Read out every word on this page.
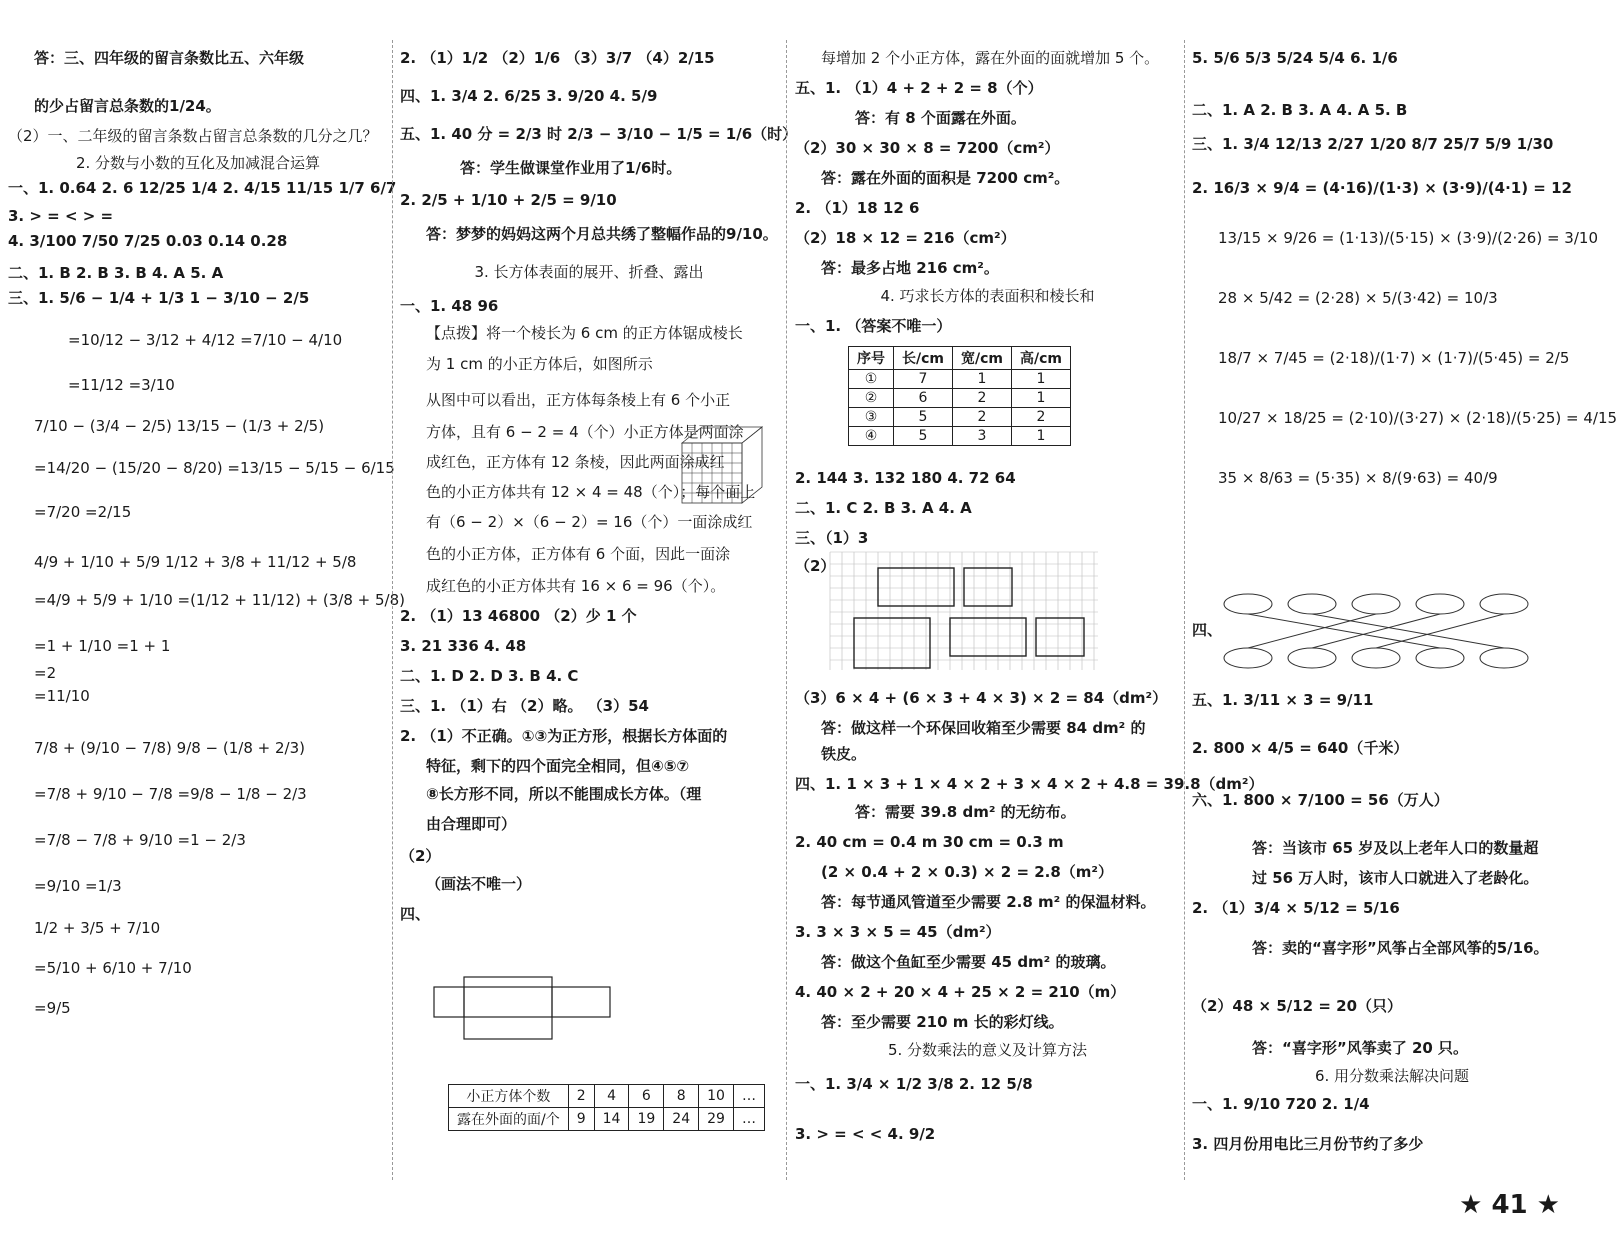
答：三、四年级的留言条数比五、六年级
的少占留言总条数的1/24。
（2）一、二年级的留言条数占留言总条数的几分之几？
2. 分数与小数的互化及加减混合运算
一、1. 0.64 2. 6 12/25 1/4 2. 4/15 11/15 1/7 6/7
3. > = < > =
4. 3/100 7/50 7/25 0.03 0.14 0.28
二、1. B 2. B 3. B 4. A 5. A
三、1. 5/6 − 1/4 + 1/3 1 − 3/10 − 2/5
=10/12 − 3/12 + 4/12 =7/10 − 4/10
=11/12 =3/10
7/10 − (3/4 − 2/5) 13/15 − (1/3 + 2/5)
=14/20 − (15/20 − 8/20) =13/15 − 5/15 − 6/15
=7/20 =2/15
4/9 + 1/10 + 5/9 1/12 + 3/8 + 11/12 + 5/8
=4/9 + 5/9 + 1/10 =(1/12 + 11/12) + (3/8 + 5/8)
=1 + 1/10 =1 + 1
=2
=11/10
7/8 + (9/10 − 7/8) 9/8 − (1/8 + 2/3)
=7/8 + 9/10 − 7/8 =9/8 − 1/8 − 2/3
=7/8 − 7/8 + 9/10 =1 − 2/3
=9/10 =1/3
1/2 + 3/5 + 7/10
=5/10 + 6/10 + 7/10
=9/5
2. （1）1/2 （2）1/6 （3）3/7 （4）2/15
四、1. 3/4 2. 6/25 3. 9/20 4. 5/9
五、1. 40 分 = 2/3 时 2/3 − 3/10 − 1/5 = 1/6（时）
答：学生做课堂作业用了1/6时。
2. 2/5 + 1/10 + 2/5 = 9/10
答：梦梦的妈妈这两个月总共绣了整幅作品的9/10。
3. 长方体表面的展开、折叠、露出
一、1. 48 96
【点拨】将一个棱长为 6 cm 的正方体锯成棱长
为 1 cm 的小正方体后，如图所示
从图中可以看出，正方体每条棱上有 6 个小正
方体，且有 6 − 2 = 4（个）小正方体是两面涂
成红色，正方体有 12 条棱，因此两面涂成红
色的小正方体共有 12 × 4 = 48（个）；每个面上
有（6 − 2）×（6 − 2）= 16（个）一面涂成红
色的小正方体，正方体有 6 个面，因此一面涂
成红色的小正方体共有 16 × 6 = 96（个）。
2. （1）13 46800 （2）少 1 个
3. 21 336 4. 48
二、1. D 2. D 3. B 4. C
三、1. （1）右 （2）略。 （3）54
2. （1）不正确。①③为正方形，根据长方体面的
特征，剩下的四个面完全相同，但④⑤⑦
⑧长方形不同，所以不能围成长方体。（理
由合理即可）
（2）
（画法不唯一）
四、
每增加 2 个小正方体，露在外面的面就增加 5 个。
五、1. （1）4 + 2 + 2 = 8（个）
答：有 8 个面露在外面。
（2）30 × 30 × 8 = 7200（cm²）
答：露在外面的面积是 7200 cm²。
2. （1）18 12 6
（2）18 × 12 = 216（cm²）
答：最多占地 216 cm²。
4. 巧求长方体的表面积和棱长和
一、1. （答案不唯一）
2. 144 3. 132 180 4. 72 64
二、1. C 2. B 3. A 4. A
三、（1）3
（2）
（3）6 × 4 + (6 × 3 + 4 × 3) × 2 = 84（dm²）
答：做这样一个环保回收箱至少需要 84 dm² 的
铁皮。
四、1. 1 × 3 + 1 × 4 × 2 + 3 × 4 × 2 + 4.8 = 39.8（dm²）
答：需要 39.8 dm² 的无纺布。
2. 40 cm = 0.4 m 30 cm = 0.3 m
(2 × 0.4 + 2 × 0.3) × 2 = 2.8（m²）
答：每节通风管道至少需要 2.8 m² 的保温材料。
3. 3 × 3 × 5 = 45（dm²）
答：做这个鱼缸至少需要 45 dm² 的玻璃。
4. 40 × 2 + 20 × 4 + 25 × 2 = 210（m）
答：至少需要 210 m 长的彩灯线。
5. 分数乘法的意义及计算方法
一、1. 3/4 × 1/2 3/8 2. 12 5/8
3. > = < < 4. 9/2
5. 5/6 5/3 5/24 5/4 6. 1/6
二、1. A 2. B 3. A 4. A 5. B
三、1. 3/4 12/13 2/27 1/20 8/7 25/7 5/9 1/30
2. 16/3 × 9/4 = (4·16)/(1·3) × (3·9)/(4·1) = 12
13/15 × 9/26 = (1·13)/(5·15) × (3·9)/(2·26) = 3/10
28 × 5/42 = (2·28) × 5/(3·42) = 10/3
18/7 × 7/45 = (2·18)/(1·7) × (1·7)/(5·45) = 2/5
10/27 × 18/25 = (2·10)/(3·27) × (2·18)/(5·25) = 4/15
35 × 8/63 = (5·35) × 8/(9·63) = 40/9
四、
五、1. 3/11 × 3 = 9/11
2. 800 × 4/5 = 640（千米）
六、1. 800 × 7/100 = 56（万人）
答：当该市 65 岁及以上老年人口的数量超
过 56 万人时，该市人口就进入了老龄化。
2. （1）3/4 × 5/12 = 5/16
答：卖的“喜字形”风筝占全部风筝的5/16。
（2）48 × 5/12 = 20（只）
答：“喜字形”风筝卖了 20 只。
6. 用分数乘法解决问题
一、1. 9/10 720 2. 1/4
3. 四月份用电比三月份节约了多少
小正方体个数	2	4	6	8	10	…
露在外面的面/个	9	14	19	24	29	…
序号	长/cm	宽/cm	高/cm
①	7	1	1
②	6	2	1
③	5	2	2
④	5	3	1
★ 41 ★
